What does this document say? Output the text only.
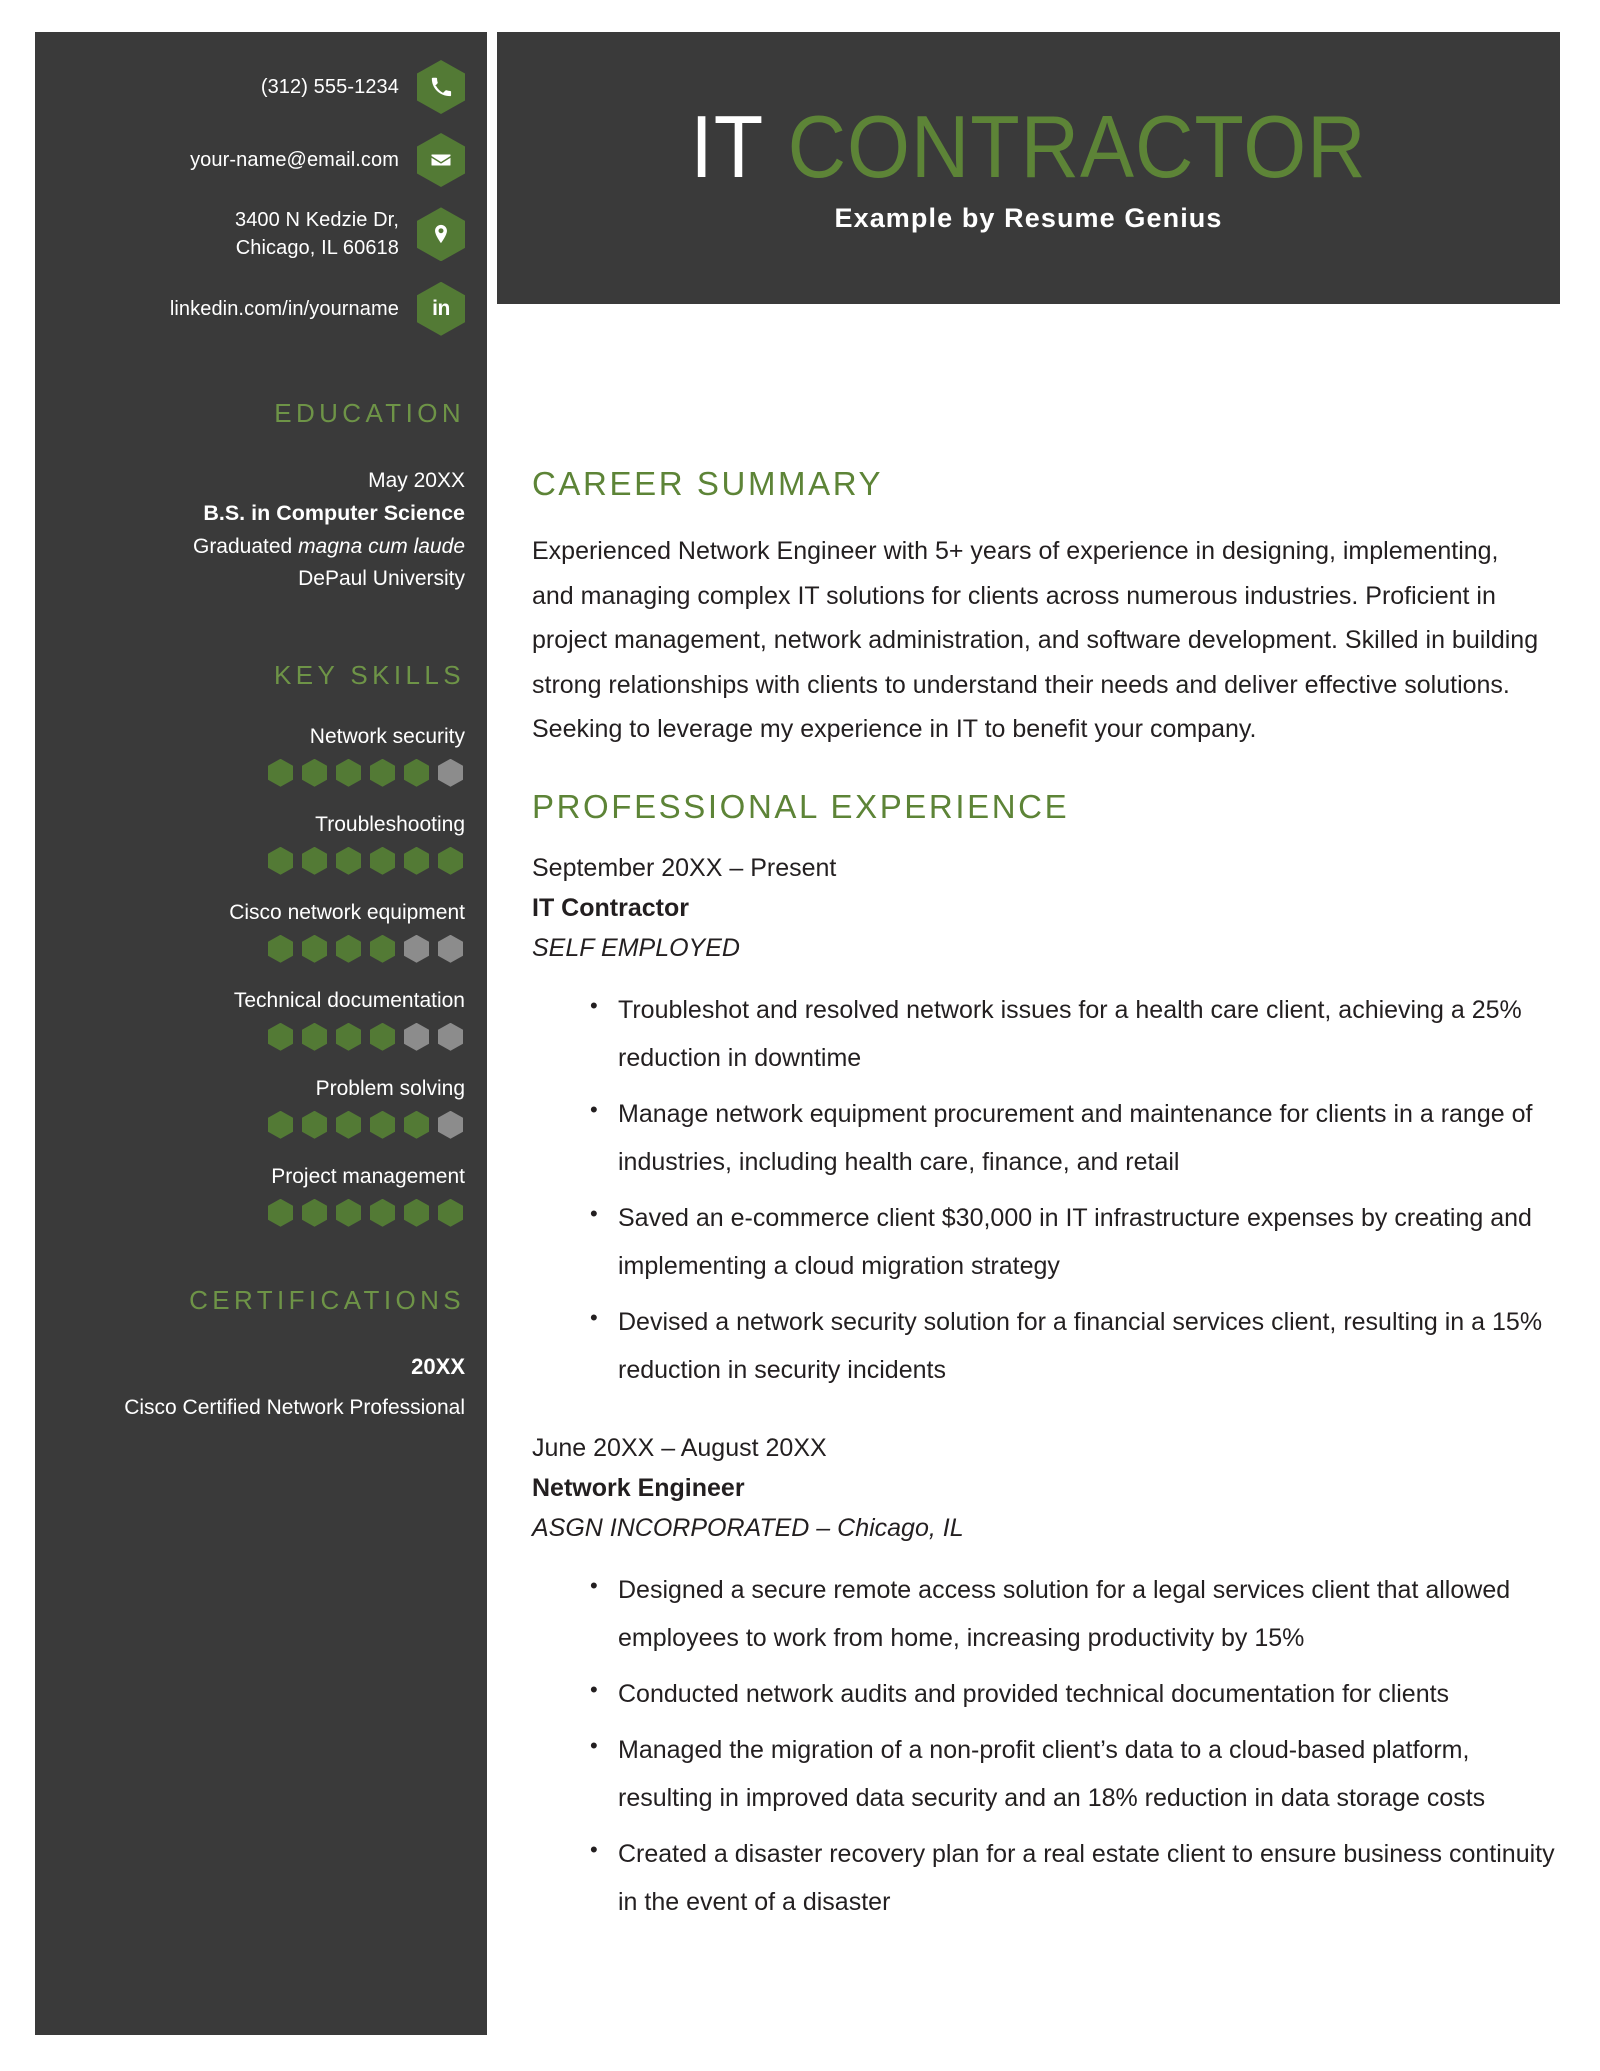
(312) 555-1234
your-name@email.com
3400 N Kedzie Dr,
Chicago, IL 60618
linkedin.com/in/yourname	in
EDUCATION
May 20XX
B.S. in Computer Science
Graduated magna cum laude
DePaul University
KEY SKILLS
Network security
Troubleshooting
Cisco network equipment
Technical documentation
Problem solving
Project management
CERTIFICATIONS
20XX
Cisco Certified Network Professional
IT CONTRACTOR
Example by Resume Genius
CAREER SUMMARY

Experienced Network Engineer with 5+ years of experience in designing, implementing, and managing complex IT solutions for clients across numerous industries. Proficient in project management, network administration, and software development. Skilled in building strong relationships with clients to understand their needs and deliver effective solutions. Seeking to leverage my experience in IT to benefit your company.

PROFESSIONAL EXPERIENCE
September 20XX – Present
IT Contractor
SELF EMPLOYED
• Troubleshot and resolved network issues for a health care client, achieving a 25% reduction in downtime
• Manage network equipment procurement and maintenance for clients in a range of industries, including health care, finance, and retail
• Saved an e-commerce client $30,000 in IT infrastructure expenses by creating and implementing a cloud migration strategy
• Devised a network security solution for a financial services client, resulting in a 15% reduction in security incidents
June 20XX – August 20XX
Network Engineer
ASGN INCORPORATED – Chicago, IL
• Designed a secure remote access solution for a legal services client that allowed employees to work from home, increasing productivity by 15%
• Conducted network audits and provided technical documentation for clients
• Managed the migration of a non-profit client’s data to a cloud-based platform, resulting in improved data security and an 18% reduction in data storage costs
• Created a disaster recovery plan for a real estate client to ensure business continuity in the event of a disaster
